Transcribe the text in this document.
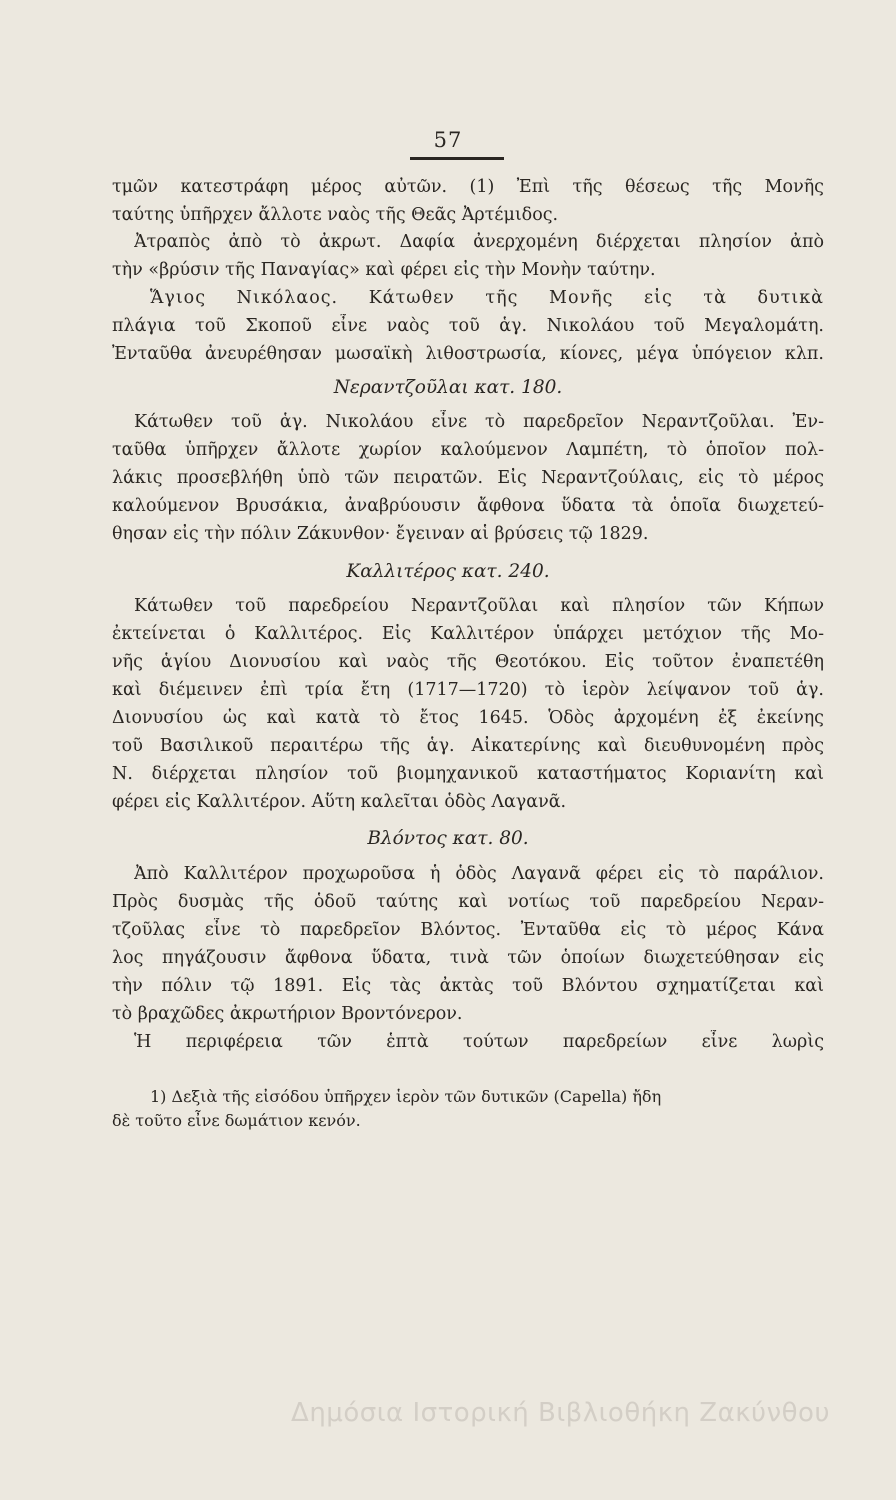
57
τμῶν κατεστράφη μέρος αὐτῶν. (1) Ἐπὶ τῆς θέσεως τῆς Μονῆς
ταύτης ὑπῆρχεν ἄλλοτε ναὸς τῆς Θεᾶς Ἀρτέμιδος.
Ἀτραπὸς ἀπὸ τὸ ἀκρωτ. Δαφία ἀνερχομένη διέρχεται πλησίον ἀπὸ
τὴν «βρύσιν τῆς Παναγίας» καὶ φέρει εἰς τὴν Μονὴν ταύτην.
Ἅγιος Νικόλαος. Κάτωθεν τῆς Μονῆς εἰς τὰ δυτικὰ
πλάγια τοῦ Σκοποῦ εἶνε ναὸς τοῦ ἁγ. Νικολάου τοῦ Μεγαλομάτη.
Ἐνταῦθα ἀνευρέθησαν μωσαϊκὴ λιθοστρωσία, κίονες, μέγα ὑπόγειον κλπ.
Νεραντζοῦλαι κατ. 180.
Κάτωθεν τοῦ ἁγ. Νικολάου εἶνε τὸ παρεδρεῖον Νεραντζοῦλαι. Ἐν-
ταῦθα ὑπῆρχεν ἄλλοτε χωρίον καλούμενον Λαμπέτη, τὸ ὁποῖον πολ-
λάκις προσεβλήθη ὑπὸ τῶν πειρατῶν. Εἰς Νεραντζούλαις, εἰς τὸ μέρος
καλούμενον Βρυσάκια, ἀναβρύουσιν ἄφθονα ὕδατα τὰ ὁποῖα διωχετεύ-
θησαν εἰς τὴν πόλιν Ζάκυνθον· ἔγειναν αἱ βρύσεις τῷ 1829.
Καλλιτέρος κατ. 240.
Κάτωθεν τοῦ παρεδρείου Νεραντζοῦλαι καὶ πλησίον τῶν Κήπων
ἐκτείνεται ὁ Καλλιτέρος. Εἰς Καλλιτέρον ὑπάρχει μετόχιον τῆς Μο-
νῆς ἁγίου Διονυσίου καὶ ναὸς τῆς Θεοτόκου. Εἰς τοῦτον ἐναπετέθη
καὶ διέμεινεν ἐπὶ τρία ἔτη (1717—1720) τὸ ἱερὸν λείψανον τοῦ ἁγ.
Διονυσίου ὡς καὶ κατὰ τὸ ἔτος 1645. Ὁδὸς ἀρχομένη ἐξ ἐκείνης
τοῦ Βασιλικοῦ περαιτέρω τῆς ἁγ. Αἰκατερίνης καὶ διευθυνομένη πρὸς
Ν. διέρχεται πλησίον τοῦ βιομηχανικοῦ καταστήματος Κοριανίτη καὶ
φέρει εἰς Καλλιτέρον. Αὕτη καλεῖται ὁδὸς Λαγανᾶ.
Βλόντος κατ. 80.
Ἀπὸ Καλλιτέρον προχωροῦσα ἡ ὁδὸς Λαγανᾶ φέρει εἰς τὸ παράλιον.
Πρὸς δυσμὰς τῆς ὁδοῦ ταύτης καὶ νοτίως τοῦ παρεδρείου Νεραν-
τζοῦλας εἶνε τὸ παρεδρεῖον Βλόντος. Ἐνταῦθα εἰς τὸ μέρος Κάνα
λος πηγάζουσιν ἄφθονα ὕδατα, τινὰ τῶν ὁποίων διωχετεύθησαν εἰς
τὴν πόλιν τῷ 1891. Εἰς τὰς ἀκτὰς τοῦ Βλόντου σχηματίζεται καὶ
τὸ βραχῶδες ἀκρωτήριον Βροντόνερον.
Ἡ περιφέρεια τῶν ἑπτὰ τούτων παρεδρείων εἶνε λωρὶς
1) Δεξιὰ τῆς εἰσόδου ὑπῆρχεν ἱερὸν τῶν δυτικῶν (Capella) ἤδη
δὲ τοῦτο εἶνε δωμάτιον κενόν.
Δημόσια Ιστορική Βιβλιοθήκη Ζακύνθου
